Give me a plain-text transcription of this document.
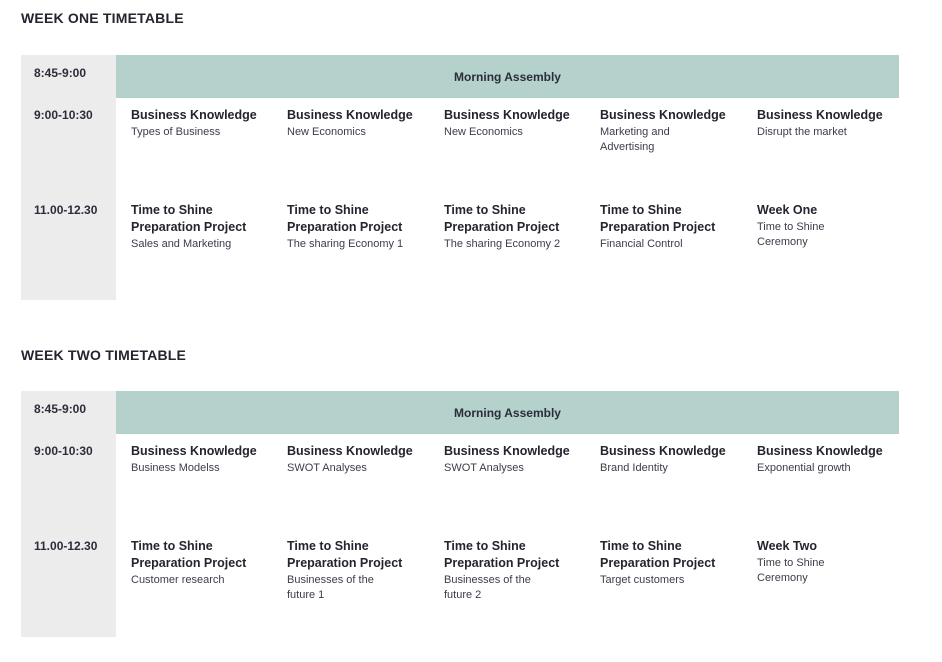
WEEK ONE TIMETABLE
8:45-9:00
9:00-10:30
11.00-12.30
Morning Assembly
Business Knowledge
Types of Business
Business Knowledge
New Economics
Business Knowledge
New Economics
Business Knowledge
Marketing and Advertising
Business Knowledge
Disrupt the market
Time to Shine Preparation Project
Sales and Marketing
Time to Shine Preparation Project
The sharing Economy 1
Time to Shine Preparation Project
The sharing Economy 2
Time to Shine Preparation Project
Financial Control
Week One
Time to Shine Ceremony
WEEK TWO TIMETABLE
8:45-9:00
9:00-10:30
11.00-12.30
Morning Assembly
Business Knowledge
Business Modelss
Business Knowledge
SWOT Analyses
Business Knowledge
SWOT Analyses
Business Knowledge
Brand Identity
Business Knowledge
Exponential growth
Time to Shine Preparation Project
Customer research
Time to Shine Preparation Project
Businesses of the future 1
Time to Shine Preparation Project
Businesses of the future 2
Time to Shine Preparation Project
Target customers
Week Two
Time to Shine Ceremony
